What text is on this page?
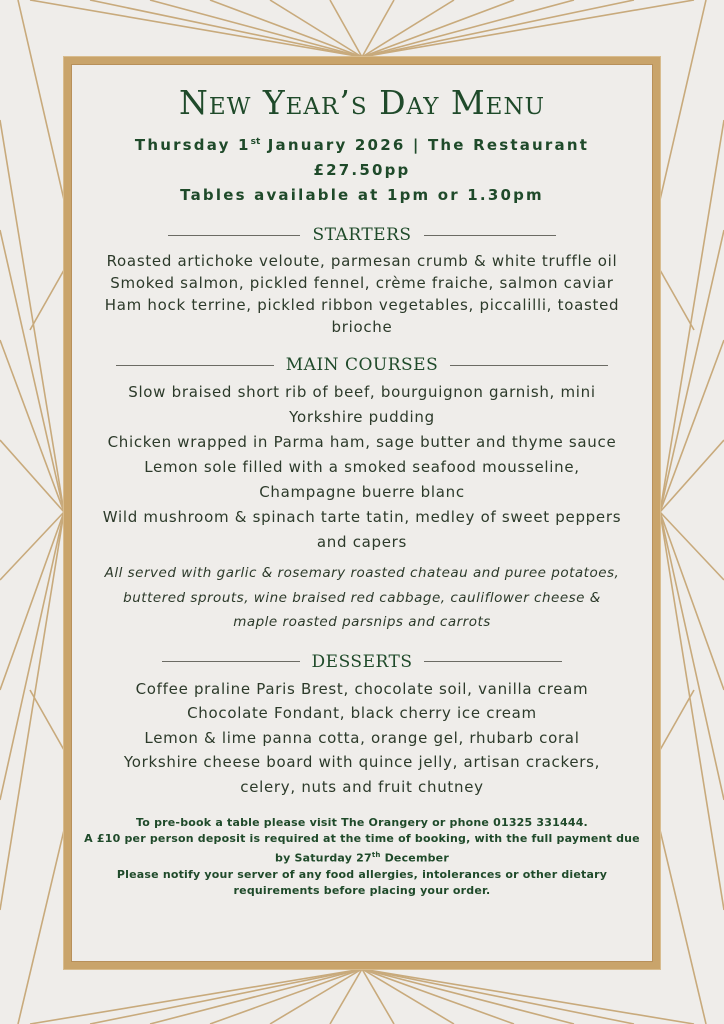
New Year’s Day Menu
Thursday 1st January 2026 | The Restaurant
£27.50pp
Tables available at 1pm or 1.30pm
STARTERS
Roasted artichoke veloute, parmesan crumb & white truffle oil
Smoked salmon, pickled fennel, crème fraiche, salmon caviar
Ham hock terrine, pickled ribbon vegetables, piccalilli, toasted brioche
MAIN COURSES
Slow braised short rib of beef, bourguignon garnish, mini Yorkshire pudding
Chicken wrapped in Parma ham, sage butter and thyme sauce
Lemon sole filled with a smoked seafood mousseline, Champagne buerre blanc
Wild mushroom & spinach tarte tatin, medley of sweet peppers and capers
All served with garlic & rosemary roasted chateau and puree potatoes, buttered sprouts, wine braised red cabbage, cauliflower cheese & maple roasted parsnips and carrots
DESSERTS
Coffee praline Paris Brest, chocolate soil, vanilla cream
Chocolate Fondant, black cherry ice cream
Lemon & lime panna cotta, orange gel, rhubarb coral
Yorkshire cheese board with quince jelly, artisan crackers, celery, nuts and fruit chutney
To pre-book a table please visit The Orangery or phone 01325 331444.
A £10 per person deposit is required at the time of booking, with the full payment due by Saturday 27th December
Please notify your server of any food allergies, intolerances or other dietary requirements before placing your order.
